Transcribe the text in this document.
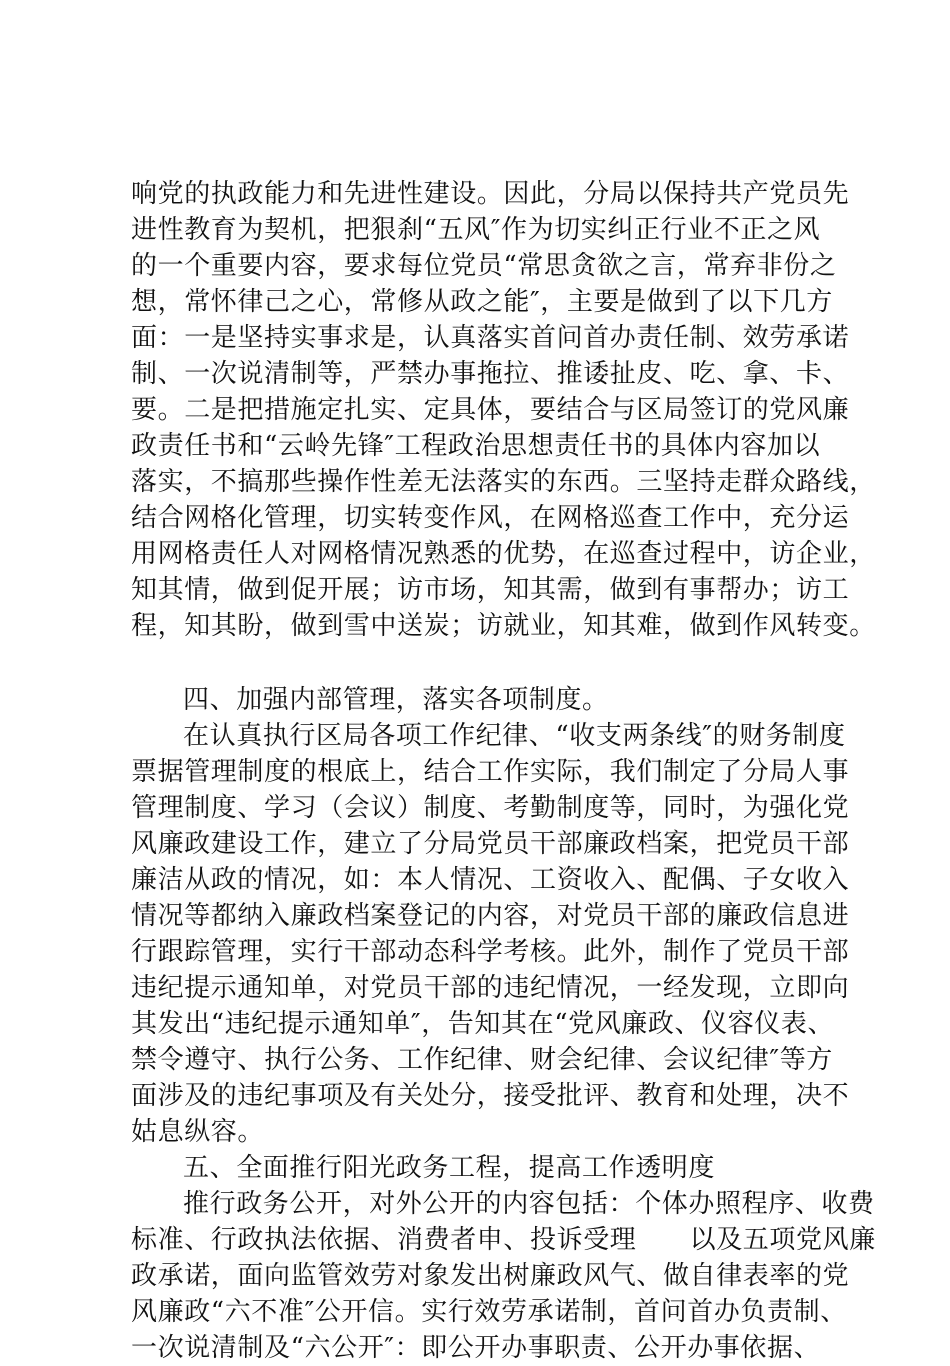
响党的执政能力和先进性建设。因此，分局以保持共产党员先
进性教育为契机，把狠刹“五风″作为切实纠正行业不正之风
的一个重要内容，要求每位党员“常思贪欲之言，常弃非份之
想，常怀律己之心，常修从政之能″，主要是做到了以下几方
面：一是坚持实事求是，认真落实首问首办责任制、效劳承诺
制、一次说清制等，严禁办事拖拉、推诿扯皮、吃、拿、卡、
要。二是把措施定扎实、定具体，要结合与区局签订的党风廉
政责任书和“云岭先锋″工程政治思想责任书的具体内容加以
落实，不搞那些操作性差无法落实的东西。三坚持走群众路线，
结合网格化管理，切实转变作风，在网格巡查工作中，充分运
用网格责任人对网格情况熟悉的优势，在巡查过程中，访企业，
知其情，做到促开展；访市场，知其需，做到有事帮办；访工
程，知其盼，做到雪中送炭；访就业，知其难，做到作风转变。
四、加强内部管理，落实各项制度。
在认真执行区局各项工作纪律、“收支两条线″的财务制度
票据管理制度的根底上，结合工作实际，我们制定了分局人事
管理制度、学习（会议）制度、考勤制度等，同时，为强化党
风廉政建设工作，建立了分局党员干部廉政档案，把党员干部
廉洁从政的情况，如：本人情况、工资收入、配偶、子女收入
情况等都纳入廉政档案登记的内容，对党员干部的廉政信息进
行跟踪管理，实行干部动态科学考核。此外，制作了党员干部
违纪提示通知单，对党员干部的违纪情况，一经发现，立即向
其发出“违纪提示通知单″，告知其在“党风廉政、仪容仪表、
禁令遵守、执行公务、工作纪律、财会纪律、会议纪律″等方
面涉及的违纪事项及有关处分，接受批评、教育和处理，决不
姑息纵容。
五、全面推行阳光政务工程，提高工作透明度
推行政务公开，对外公开的内容包括：个体办照程序、收费
标准、行政执法依据、消费者申、投诉受理　　以及五项党风廉
政承诺，面向监管效劳对象发出树廉政风气、做自律表率的党
风廉政“六不准″公开信。实行效劳承诺制，首问首办负责制、
一次说清制及“六公开″：即公开办事职责、公开办事依据、
